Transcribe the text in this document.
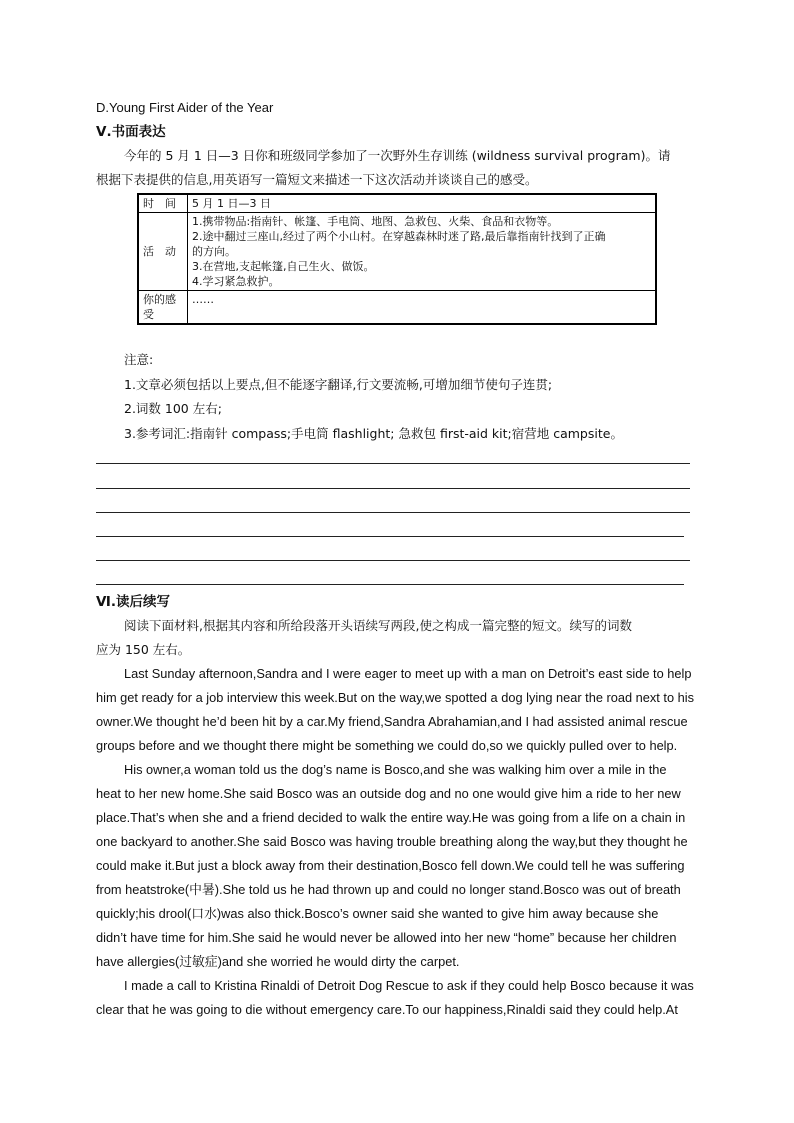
D.Young First Aider of the Year
Ⅴ.书面表达
今年的 5 月 1 日—3 日你和班级同学参加了一次野外生存训练 (wildness survival program)。请
根据下表提供的信息,用英语写一篇短文来描述一下这次活动并谈谈自己的感受。
时　间	5 月 1 日—3 日
活　动	1.携带物品:指南针、帐篷、手电筒、地图、急救包、火柴、食品和衣物等。
2.途中翻过三座山,经过了两个小山村。在穿越森林时迷了路,最后靠指南针找到了正确
的方向。
3.在营地,支起帐篷,自己生火、做饭。
4.学习紧急救护。

你的感
受	……
注意:
1.文章必须包括以上要点,但不能逐字翻译,行文要流畅,可增加细节使句子连贯;
2.词数 100 左右;
3.参考词汇:指南针 compass;手电筒 flashlight; 急救包 first-aid kit;宿营地 campsite。
Ⅵ.读后续写
阅读下面材料,根据其内容和所给段落开头语续写两段,使之构成一篇完整的短文。续写的词数
应为 150 左右。
Last Sunday afternoon,Sandra and I were eager to meet up with a man on Detroit’s east side to help
him get ready for a job interview this week.But on the way,we spotted a dog lying near the road next to his
owner.We thought he’d been hit by a car.My friend,Sandra Abrahamian,and I had assisted animal rescue
groups before and we thought there might be something we could do,so we quickly pulled over to help.
His owner,a woman told us the dog’s name is Bosco,and she was walking him over a mile in the
heat to her new home.She said Bosco was an outside dog and no one would give him a ride to her new
place.That’s when she and a friend decided to walk the entire way.He was going from a life on a chain in
one backyard to another.She said Bosco was having trouble breathing along the way,but they thought he
could make it.But just a block away from their destination,Bosco fell down.We could tell he was suffering
from heatstroke(中暑).She told us he had thrown up and could no longer stand.Bosco was out of breath
quickly;his drool(口水)was also thick.Bosco’s owner said she wanted to give him away because she
didn’t have time for him.She said he would never be allowed into her new “home” because her children
have allergies(过敏症)and she worried he would dirty the carpet.
I made a call to Kristina Rinaldi of Detroit Dog Rescue to ask if they could help Bosco because it was
clear that he was going to die without emergency care.To our happiness,Rinaldi said they could help.At
